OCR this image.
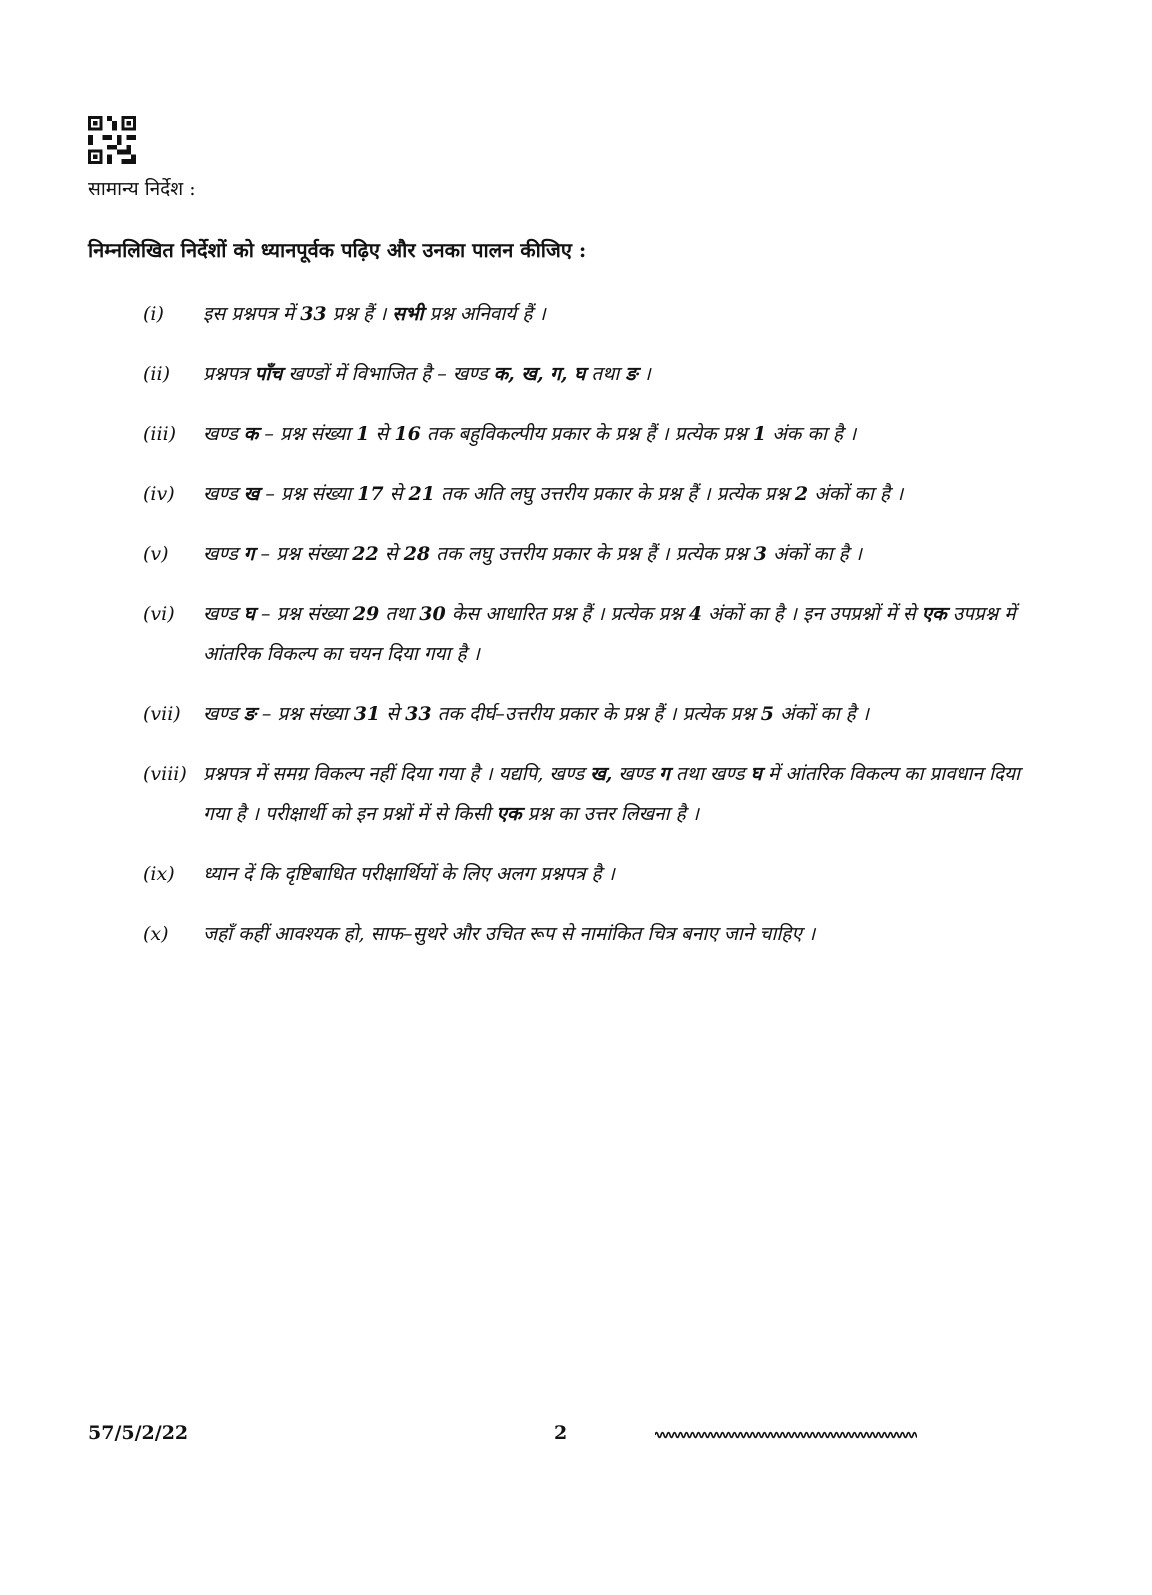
सामान्य निर्देश :
निम्नलिखित निर्देशों को ध्यानपूर्वक पढ़िए और उनका पालन कीजिए :
(i)	इस प्रश्नपत्र में 33 प्रश्न हैं । सभी प्रश्न अनिवार्य हैं ।
(ii)	प्रश्नपत्र पाँच खण्डों में विभाजित है – खण्ड क, ख, ग, घ तथा ङ ।
(iii)	खण्ड क – प्रश्न संख्या 1 से 16 तक बहुविकल्पीय प्रकार के प्रश्न हैं । प्रत्येक प्रश्न 1 अंक का है ।
(iv)	खण्ड ख – प्रश्न संख्या 17 से 21 तक अति लघु उत्तरीय प्रकार के प्रश्न हैं । प्रत्येक प्रश्न 2 अंकों का है ।
(v)	खण्ड ग – प्रश्न संख्या 22 से 28 तक लघु उत्तरीय प्रकार के प्रश्न हैं । प्रत्येक प्रश्न 3 अंकों का है ।
(vi)	खण्ड घ – प्रश्न संख्या 29 तथा 30 केस आधारित प्रश्न हैं । प्रत्येक प्रश्न 4 अंकों का है । इन उपप्रश्नों में से एक उपप्रश्न में आंतरिक विकल्प का चयन दिया गया है ।
(vii)	खण्ड ङ – प्रश्न संख्या 31 से 33 तक दीर्घ–उत्तरीय प्रकार के प्रश्न हैं । प्रत्येक प्रश्न 5 अंकों का है ।
(viii) प्रश्नपत्र में समग्र विकल्प नहीं दिया गया है । यद्यपि, खण्ड ख, खण्ड ग तथा खण्ड घ में आंतरिक विकल्प का प्रावधान दिया गया है । परीक्षार्थी को इन प्रश्नों में से किसी एक प्रश्न का उत्तर लिखना है ।
(ix)	ध्यान दें कि दृष्टिबाधित परीक्षार्थियों के लिए अलग प्रश्नपत्र है ।
(x)	जहाँ कहीं आवश्यक हो, साफ–सुथरे और उचित रूप से नामांकित चित्र बनाए जाने चाहिए ।
57/5/2/22	2
